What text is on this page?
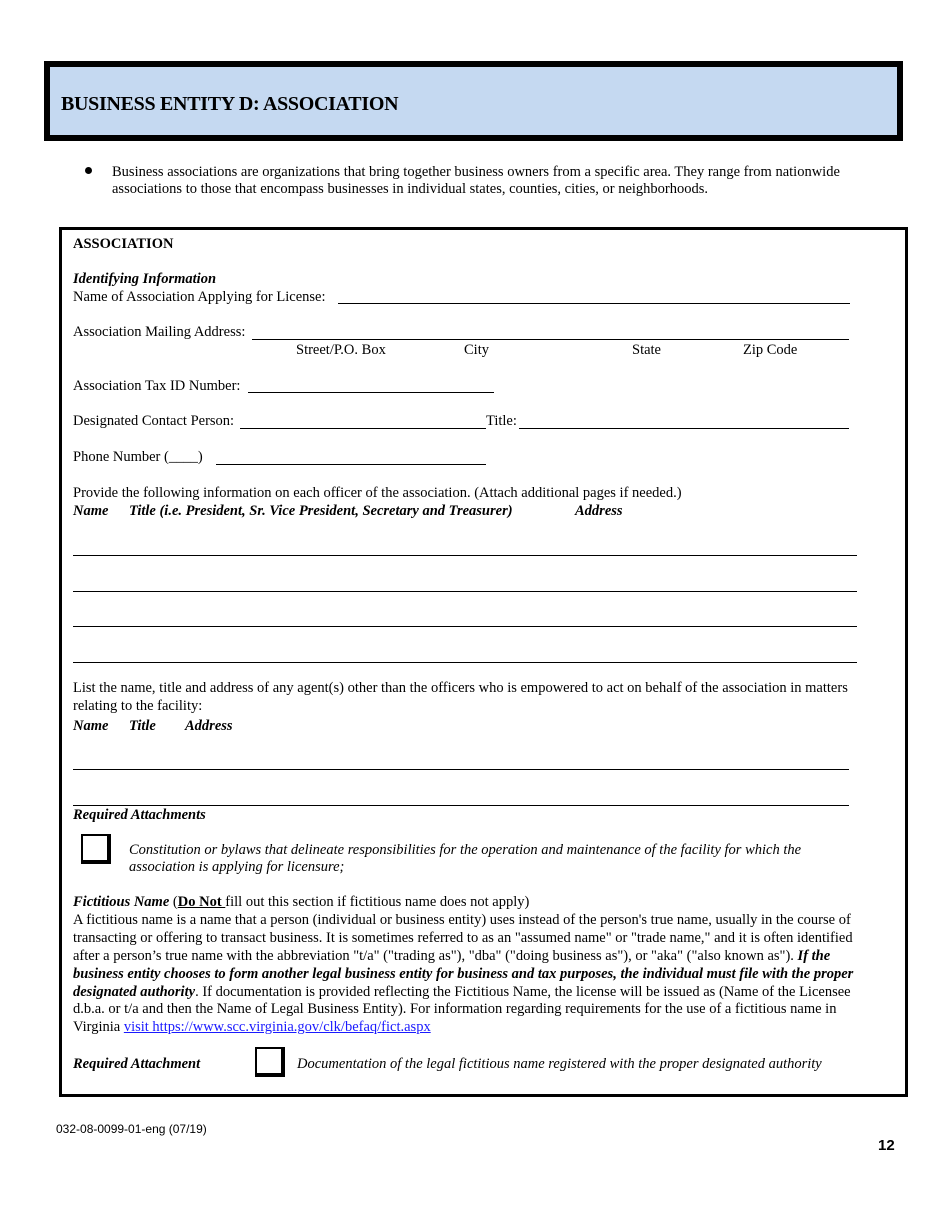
BUSINESS ENTITY D: ASSOCIATION
Business associations are organizations that bring together business owners from a specific area. They range from nationwide associations to those that encompass businesses in individual states, counties, cities, or neighborhoods.
ASSOCIATION
Identifying Information
Name of Association Applying for License:
Association Mailing Address:
Street/P.O. Box	City	State	Zip Code
Association Tax ID Number:
Designated Contact Person:	Title:
Phone Number (____)
Provide the following information on each officer of the association. (Attach additional pages if needed.)
Name Title (i.e. President, Sr. Vice President, Secretary and Treasurer)	Address
List the name, title and address of any agent(s) other than the officers who is empowered to act on behalf of the association in matters relating to the facility:
Name Title Address
Required Attachments
Constitution or bylaws that delineate responsibilities for the operation and maintenance of the facility for which the association is applying for licensure;
Fictitious Name (Do Not fill out this section if fictitious name does not apply)
A fictitious name is a name that a person (individual or business entity) uses instead of the person's true name, usually in the course of transacting or offering to transact business. It is sometimes referred to as an "assumed name" or "trade name," and it is often identified after a person’s true name with the abbreviation "t/a" ("trading as"), "dba" ("doing business as"), or "aka" ("also known as"). If the business entity chooses to form another legal business entity for business and tax purposes, the individual must file with the proper designated authority. If documentation is provided reflecting the Fictitious Name, the license will be issued as (Name of the Licensee d.b.a. or t/a and then the Name of Legal Business Entity). For information regarding requirements for the use of a fictitious name in Virginia visit https://www.scc.virginia.gov/clk/befaq/fict.aspx
Required Attachment	Documentation of the legal fictitious name registered with the proper designated authority
032-08-0099-01-eng (07/19)
12
